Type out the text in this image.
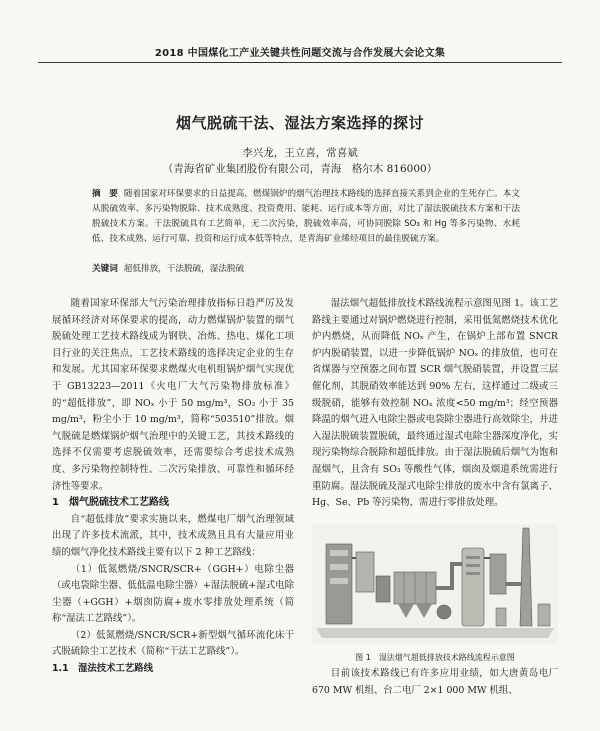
2018 中国煤化工产业关键共性问题交流与合作发展大会论文集
烟气脱硫干法、湿法方案选择的探讨
李兴龙，王立喜，常喜斌
（青海省矿业集团股份有限公司，青海　格尔木 816000）
摘　要 随着国家对环保要求的日益提高，燃煤锅炉的烟气治理技术路线的选择直接关系到企业的生死存亡。本文从脱硫效率、多污染物脱除、技术成熟度、投资费用、能耗、运行成本等方面，对比了湿法脱硫技术方案和干法脱硫技术方案。干法脱硫具有工艺简单，无二次污染，脱硫效率高，可协同脱除 SO₃ 和 Hg 等多污染物、水耗低、技术成熟、运行可靠、投资和运行成本低等特点，是青海矿业烯烃项目的最佳脱硫方案。
关键词 超低排放，干法脱硫，湿法脱硫

随着国家环保部大气污染治理排放指标日趋严厉及发展循环经济对环保要求的提高，动力燃煤锅炉装置的烟气脱硫处理工艺技术路线成为钢铁、冶炼、热电、煤化工项目行业的关注焦点，工艺技术路线的选择决定企业的生存和发展。尤其国家环保要求燃煤火电机组锅炉烟气实现优于 GB13223—2011《火电厂大气污染物排放标准》的“超低排放”，即 NOₓ 小于 50 mg/m³，SO₂ 小于 35 mg/m³，粉尘小于 10 mg/m³，简称“503510”排放。烟气脱硫是燃煤锅炉烟气治理中的关键工艺，其技术路线的选择不仅需要考虑脱硫效率，还需要综合考虑技术成熟度、多污染物控制特性、二次污染排放、可靠性和循环经济性等要求。

1　烟气脱硫技术工艺路线

自“超低排放”要求实施以来，燃煤电厂烟气治理领域出现了许多技术流派，其中，技术成熟且具有大量应用业绩的烟气净化技术路线主要有以下 2 种工艺路线：

（1）低氮燃烧/SNCR/SCR+（GGH+）电除尘器（或电袋除尘器、低低温电除尘器）+湿法脱硫+湿式电除尘器（+GGH）+烟囱防腐+废水零排放处理系统（简称“湿法工艺路线”）。

（2）低氮燃烧/SNCR/SCR+新型烟气循环流化床干式脱硫除尘工艺技术（简称“干法工艺路线”）。

1.1　湿法技术工艺路线

湿法烟气超低排放技术路线流程示意图见图 1。该工艺路线主要通过对锅炉燃烧进行控制，采用低氮燃烧技术优化炉内燃烧，从而降低 NOₓ 产生，在锅炉上部布置 SNCR 炉内脱硝装置，以进一步降低锅炉 NOₓ 的排放值，也可在省煤器与空预器之间布置 SCR 烟气脱硝装置，并设置三层催化剂，其脱硝效率能达到 90% 左右，这样通过二级或三级脱硝，能够有效控制 NOₓ 浓度<50 mg/m³；经空预器降温的烟气进入电除尘器或电袋除尘器进行高效除尘，并进入湿法脱硫装置脱硫，最终通过湿式电除尘器深度净化，实现污染物综合脱除和超低排放。由于湿法脱硫后烟气为饱和湿烟气，且含有 SO₃ 等酸性气体，烟囱及烟道系统需进行重防腐。湿法脱硫及湿式电除尘排放的废水中含有氯离子、Hg、Se、Pb 等污染物，需进行零排放处理。

图 1 湿法烟气超低排放技术路线流程示意图

目前该技术路线已有许多应用业绩，如大唐黄岛电厂 670 MW 机组、台二电厂 2×1 000 MW 机组、
